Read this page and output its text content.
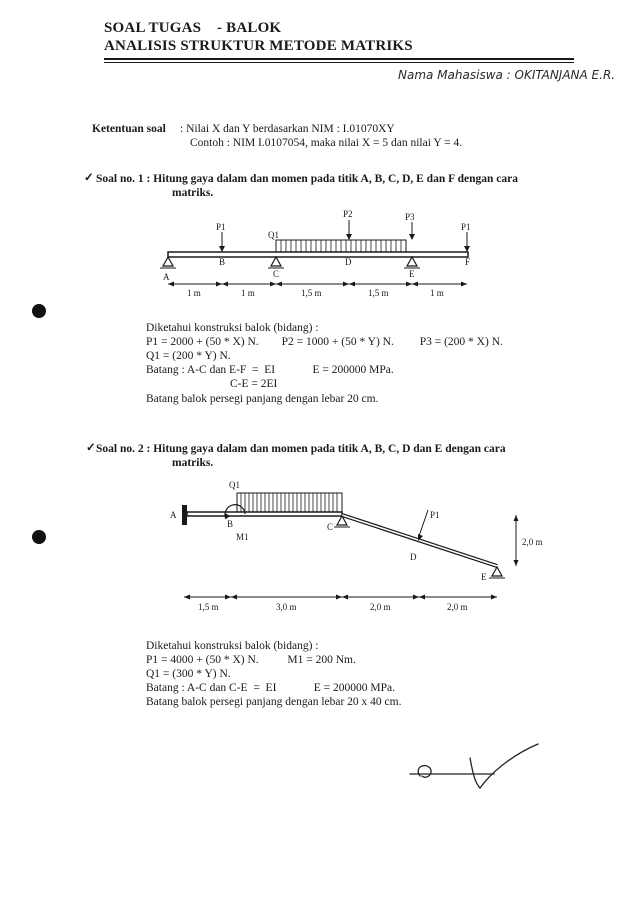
SOAL TUGAS    - BALOK
ANALISIS STRUKTUR METODE MATRIKS
Nama Mahasiswa : OKITANJANA E.R.
Ketentuan soal : Nilai X dan Y berdasarkan NIM : I.01070XY
Contoh : NIM I.0107054, maka nilai X = 5 dan nilai Y = 4.
✓ Soal no. 1 : Hitung gaya dalam dan momen pada titik A, B, C, D, E dan F dengan cara
matriks.
P1
Q1
P2	P3
P1
A
B
C
D
E
F
1 m	1 m	1,5 m	1,5 m	1 m
Diketahui konstruksi balok (bidang) :
P1 = 2000 + (50 * X) N.        P2 = 1000 + (50 * Y) N.         P3 = (200 * X) N.
Q1 = (200 * Y) N.
Batang : A-C dan E-F  =  EI             E = 200000 MPa.
C-E = 2EI
Batang balok persegi panjang dengan lebar 20 cm.
✓ Soal no. 2 : Hitung gaya dalam dan momen pada titik A, B, C, D dan E dengan cara
matriks.
Q1
P1
M1
A
B	C
D
E
1,5 m	3,0 m	2,0 m	2,0 m
2,0 m
Diketahui konstruksi balok (bidang) :
P1 = 4000 + (50 * X) N.          M1 = 200 Nm.
Q1 = (300 * Y) N.
Batang : A-C dan C-E  =  EI             E = 200000 MPa.
Batang balok persegi panjang dengan lebar 20 x 40 cm.
